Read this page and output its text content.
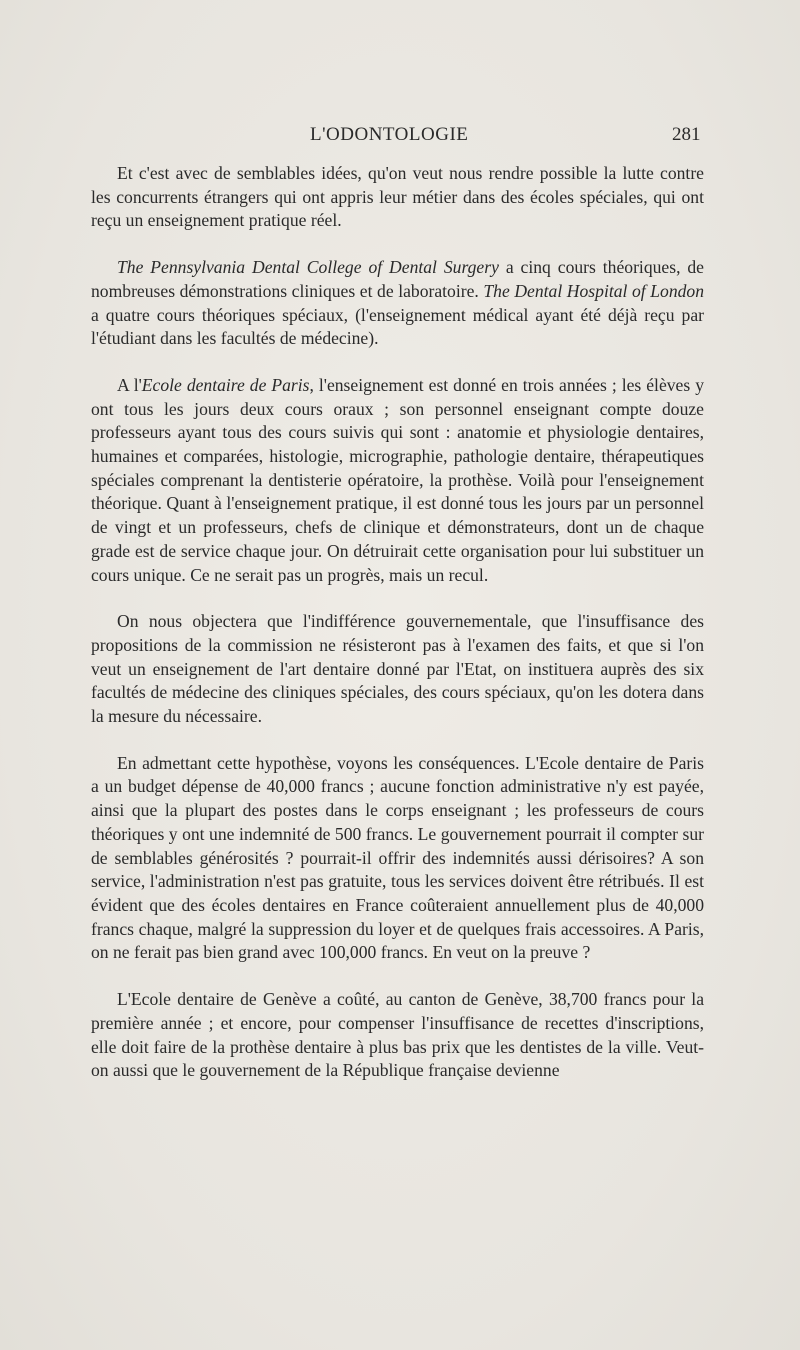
L'ODONTOLOGIE	281

Et c'est avec de semblables idées, qu'on veut nous rendre possible la lutte contre les concurrents étrangers qui ont appris leur métier dans des écoles spéciales, qui ont reçu un enseignement pratique réel.

The Pennsylvania Dental College of Dental Surgery a cinq cours théoriques, de nombreuses démonstrations cliniques et de laboratoire. The Dental Hospital of London a quatre cours théoriques spéciaux, (l'enseignement médical ayant été déjà reçu par l'étudiant dans les facultés de médecine).

A l'Ecole dentaire de Paris, l'enseignement est donné en trois années ; les élèves y ont tous les jours deux cours oraux ; son personnel enseignant compte douze professeurs ayant tous des cours suivis qui sont : anatomie et physiologie dentaires, humaines et comparées, histologie, micrographie, pathologie dentaire, thérapeutiques spéciales comprenant la dentisterie opératoire, la prothèse. Voilà pour l'enseignement théorique. Quant à l'enseignement pratique, il est donné tous les jours par un personnel de vingt et un professeurs, chefs de clinique et démonstrateurs, dont un de chaque grade est de service chaque jour. On détruirait cette organisation pour lui substituer un cours unique. Ce ne serait pas un progrès, mais un recul.

On nous objectera que l'indifférence gouvernementale, que l'insuffisance des propositions de la commission ne résisteront pas à l'examen des faits, et que si l'on veut un enseignement de l'art dentaire donné par l'Etat, on instituera auprès des six facultés de médecine des cliniques spéciales, des cours spéciaux, qu'on les dotera dans la mesure du nécessaire.

En admettant cette hypothèse, voyons les conséquences. L'Ecole dentaire de Paris a un budget dépense de 40,000 francs ; aucune fonction administrative n'y est payée, ainsi que la plupart des postes dans le corps enseignant ; les professeurs de cours théoriques y ont une indemnité de 500 francs. Le gouvernement pourrait il compter sur de semblables générosités ? pourrait-il offrir des indemnités aussi dérisoires? A son service, l'administration n'est pas gratuite, tous les services doivent être rétribués. Il est évident que des écoles dentaires en France coûteraient annuellement plus de 40,000 francs chaque, malgré la suppression du loyer et de quelques frais accessoires. A Paris, on ne ferait pas bien grand avec 100,000 francs. En veut on la preuve ?

L'Ecole dentaire de Genève a coûté, au canton de Genève, 38,700 francs pour la première année ; et encore, pour compenser l'insuffisance de recettes d'inscriptions, elle doit faire de la prothèse dentaire à plus bas prix que les dentistes de la ville. Veut-on aussi que le gouvernement de la République française devienne
